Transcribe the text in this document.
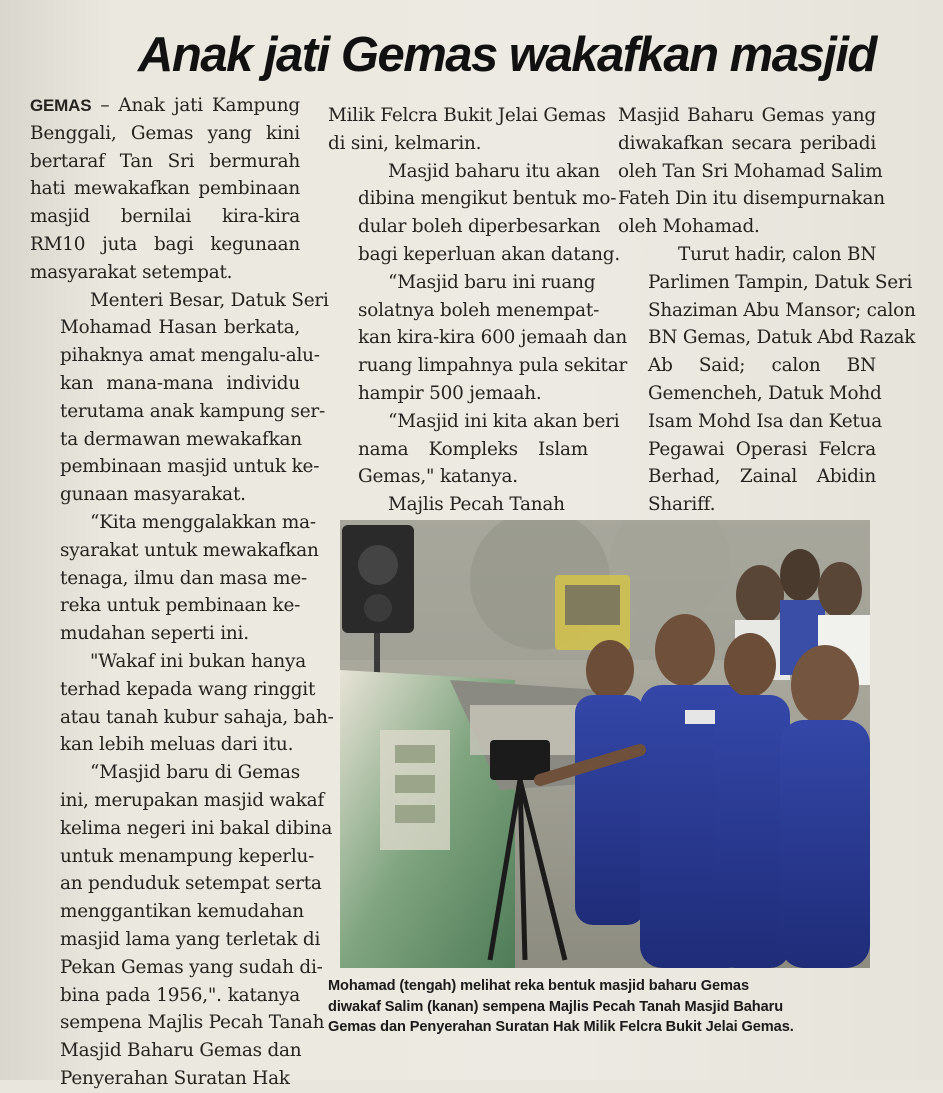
Anak jati Gemas wakafkan masjid

GEMAS – Anak jati Kampung
Benggali, Gemas yang kini
bertaraf Tan Sri bermurah
hati mewakafkan pembinaan
masjid bernilai kira-kira
RM10 juta bagi kegunaan
masyarakat setempat.

Menteri Besar, Datuk Seri
Mohamad Hasan berkata,
pihaknya amat mengalu-alu-
kan mana-mana individu
terutama anak kampung ser-
ta dermawan mewakafkan
pembinaan masjid untuk ke-
gunaan masyarakat.

“Kita menggalakkan ma-
syarakat untuk mewakafkan
tenaga, ilmu dan masa me-
reka untuk pembinaan ke-
mudahan seperti ini.

"Wakaf ini bukan hanya
terhad kepada wang ringgit
atau tanah kubur sahaja, bah-
kan lebih meluas dari itu.

“Masjid baru di Gemas
ini, merupakan masjid wakaf
kelima negeri ini bakal dibina
untuk menampung keperlu-
an penduduk setempat serta
menggantikan kemudahan
masjid lama yang terletak di
Pekan Gemas yang sudah di-
bina pada 1956,". katanya
sempena Majlis Pecah Tanah
Masjid Baharu Gemas dan
Penyerahan Suratan Hak

Milik Felcra Bukit Jelai Gemas
di sini, kelmarin.

Masjid baharu itu akan
dibina mengikut bentuk mo-
dular boleh diperbesarkan
bagi keperluan akan datang.

“Masjid baru ini ruang
solatnya boleh menempat-
kan kira-kira 600 jemaah dan
ruang limpahnya pula sekitar
hampir 500 jemaah.

“Masjid ini kita akan beri
nama Kompleks Islam
Gemas," katanya.

Majlis Pecah Tanah

Masjid Baharu Gemas yang
diwakafkan secara peribadi
oleh Tan Sri Mohamad Salim
Fateh Din itu disempurnakan
oleh Mohamad.

Turut hadir, calon BN
Parlimen Tampin, Datuk Seri
Shaziman Abu Mansor; calon
BN Gemas, Datuk Abd Razak
Ab Said; calon BN
Gemencheh, Datuk Mohd
Isam Mohd Isa dan Ketua
Pegawai Operasi Felcra
Berhad, Zainal Abidin
Shariff.

Mohamad (tengah) melihat reka bentuk masjid baharu Gemas
diwakaf Salim (kanan) sempena Majlis Pecah Tanah Masjid Baharu
Gemas dan Penyerahan Suratan Hak Milik Felcra Bukit Jelai Gemas.
